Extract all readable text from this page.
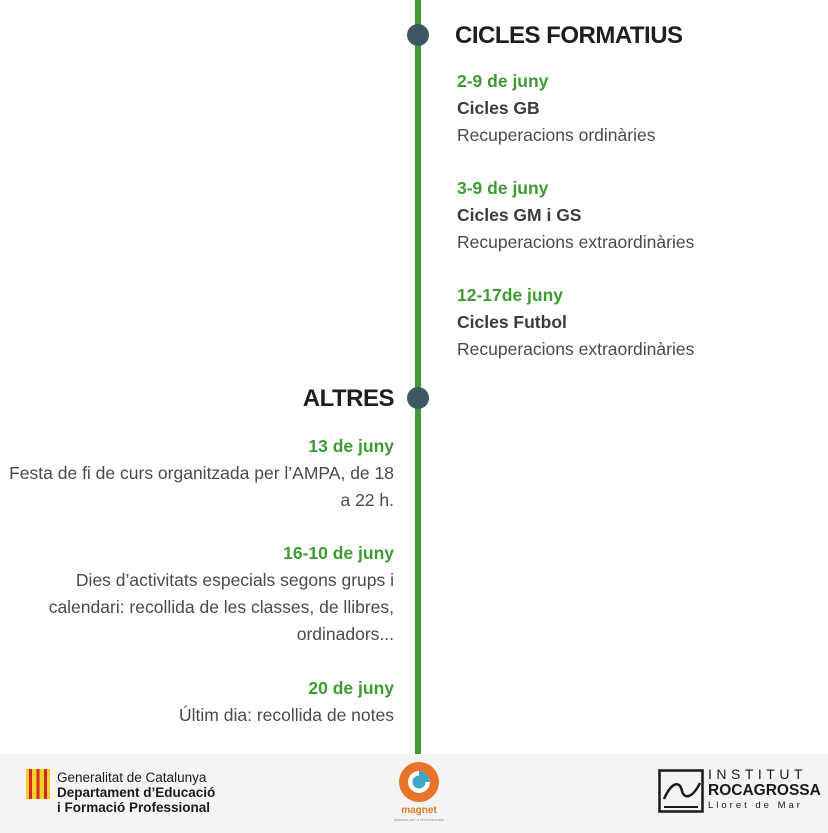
CICLES FORMATIUS
2-9 de juny
Cicles GB
Recuperacions ordinàries
3-9 de juny
Cicles GM i GS
Recuperacions extraordinàries
12-17de juny
Cicles Futbol
Recuperacions extraordinàries
ALTRES
13 de juny
Festa de fi de curs organitzada per l’AMPA, de 18
a 22 h.
16-10 de juny
Dies d’activitats especials segons grups i
calendari: recollida de les classes, de llibres,
ordinadors...
20 de juny
Últim dia: recollida de notes
Generalitat de Catalunya
Departament d’Educació
i Formació Professional	magnet
aliances per a l'èxit educatiu
INSTITUT
ROCAGROSSA
Lloret de Mar
